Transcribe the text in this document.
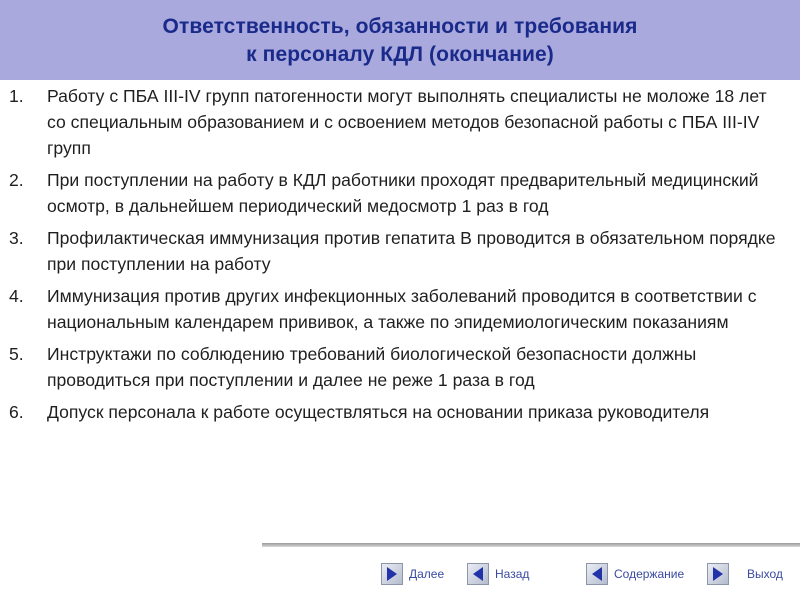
Ответственность, обязанности и требования
к персоналу КДЛ (окончание)
1. Работу с ПБА III-IV групп патогенности могут выполнять специалисты не моложе 18 лет со специальным образованием и с освоением методов безопасной работы с ПБА III-IV групп
2. При поступлении на работу в КДЛ работники проходят предварительный медицинский осмотр, в дальнейшем периодический медосмотр 1 раз в год
3. Профилактическая иммунизация против гепатита В проводится в обязательном порядке при поступлении на работу
4. Иммунизация против других инфекционных заболеваний проводится в соответствии с национальным календарем прививок, а также по эпидемиологическим показаниям
5. Инструктажи по соблюдению требований биологической безопасности должны проводиться при поступлении и далее не реже 1 раза в год
6. Допуск персонала к работе осуществляться на основании приказа руководителя
Далее	Назад	Содержание	Выход
